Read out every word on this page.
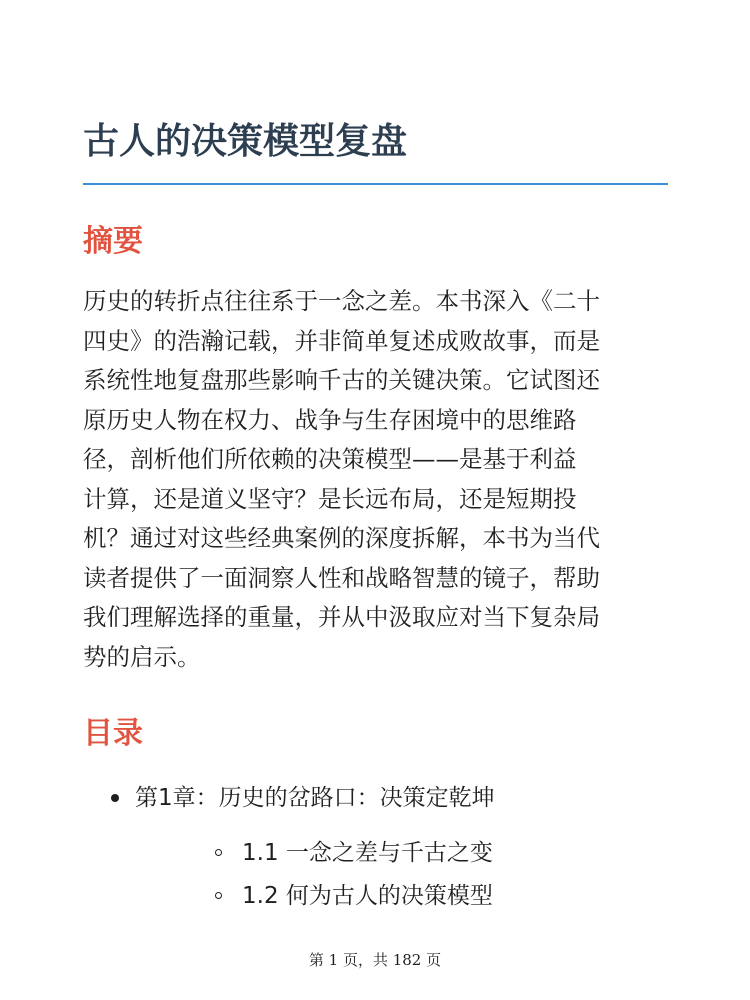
古人的决策模型复盘
摘要

历史的转折点往往系于一念之差。本书深入《二十
四史》的浩瀚记载，并非简单复述成败故事，而是
系统性地复盘那些影响千古的关键决策。它试图还
原历史人物在权力、战争与生存困境中的思维路
径，剖析他们所依赖的决策模型——是基于利益
计算，还是道义坚守？是长远布局，还是短期投
机？通过对这些经典案例的深度拆解，本书为当代
读者提供了一面洞察人性和战略智慧的镜子，帮助
我们理解选择的重量，并从中汲取应对当下复杂局
势的启示。

目录
第1章：历史的岔路口：决策定乾坤
1.1 一念之差与千古之变
1.2 何为古人的决策模型
第 1 页，共 182 页
